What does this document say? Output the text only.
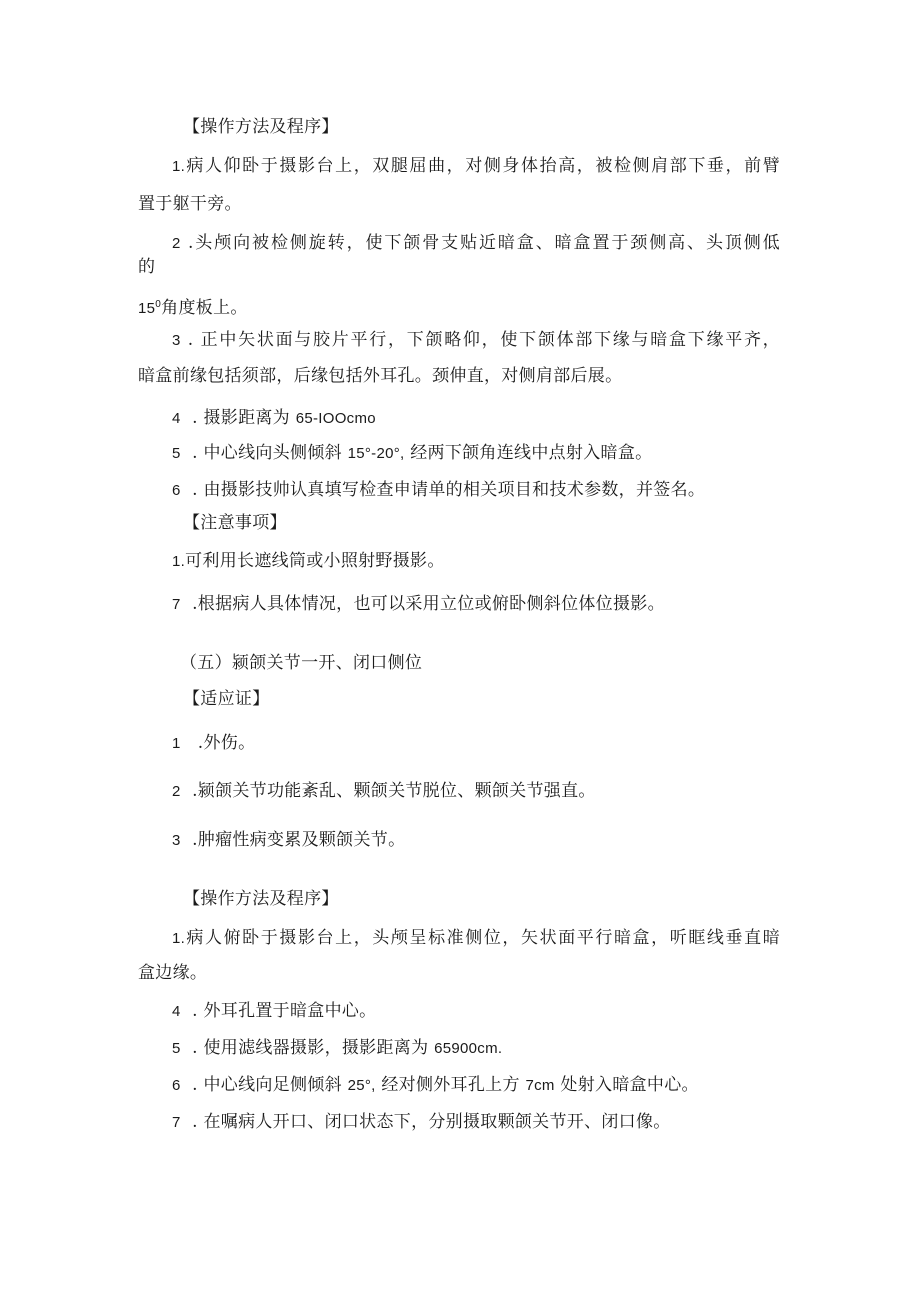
【操作方法及程序】
1.病人仰卧于摄影台上，双腿屈曲，对侧身体抬高，被检侧肩部下垂，前臂
置于躯干旁。
2 .头颅向被检侧旋转，使下颌骨支贴近暗盒、暗盒置于颈侧高、头顶侧低
的
$15^0$角度板上。
3 . 正中矢状面与胶片平行，下颌略仰，使下颌体部下缘与暗盒下缘平齐，
暗盒前缘包括须部，后缘包括外耳孔。颈伸直，对侧肩部后展。
4 . 摄影距离为 65-IOOcmo
5 . 中心线向头侧倾斜 15°-20°, 经两下颌角连线中点射入暗盒。
6 . 由摄影技帅认真填写检查申请单的相关项目和技术参数，并签名。
【注意事项】
1.可利用长遮线筒或小照射野摄影。
7 .根据病人具体情况，也可以采用立位或俯卧侧斜位体位摄影。
（五）颍颌关节一开、闭口侧位
【适应证】
1 .外伤。
2 .颍颌关节功能紊乱、颗颌关节脱位、颗颌关节强直。
3 .肿瘤性病变累及颗颌关节。
【操作方法及程序】
1.病人俯卧于摄影台上，头颅呈标准侧位，矢状面平行暗盒，听眶线垂直暗
盒边缘。
4 . 外耳孔置于暗盒中心。
5 . 使用滤线器摄影，摄影距离为 65900cm.
6 . 中心线向足侧倾斜 25°, 经对侧外耳孔上方 7cm 处射入暗盒中心。
7 . 在嘱病人开口、闭口状态下，分别摄取颗颌关节开、闭口像。
